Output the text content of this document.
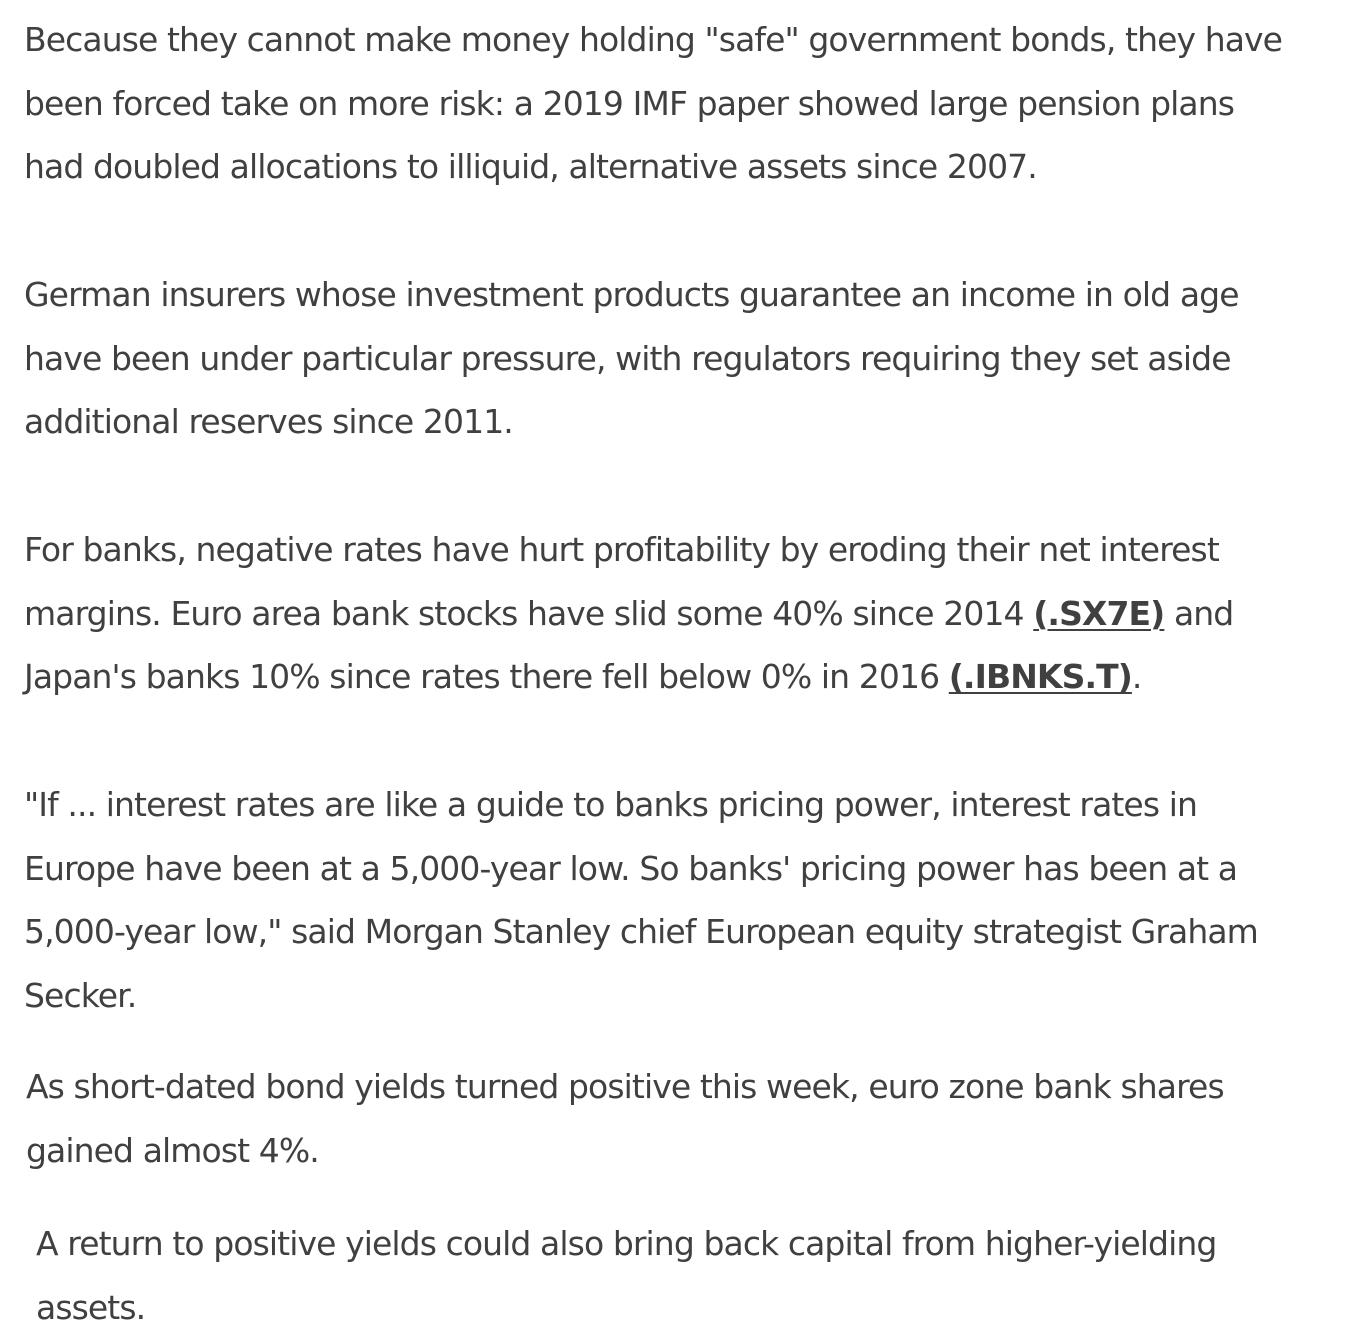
Because they cannot make money holding "safe" government bonds, they have
been forced take on more risk: a 2019 IMF paper showed large pension plans
had doubled allocations to illiquid, alternative assets since 2007.

German insurers whose investment products guarantee an income in old age
have been under particular pressure, with regulators requiring they set aside
additional reserves since 2011.

For banks, negative rates have hurt profitability by eroding their net interest
margins. Euro area bank stocks have slid some 40% since 2014 (.SX7E) and
Japan's banks 10% since rates there fell below 0% in 2016 (.IBNKS.T).

"If ... interest rates are like a guide to banks pricing power, interest rates in
Europe have been at a 5,000-year low. So banks' pricing power has been at a
5,000-year low," said Morgan Stanley chief European equity strategist Graham
Secker.

As short-dated bond yields turned positive this week, euro zone bank shares
gained almost 4%.

A return to positive yields could also bring back capital from higher-yielding
assets.
